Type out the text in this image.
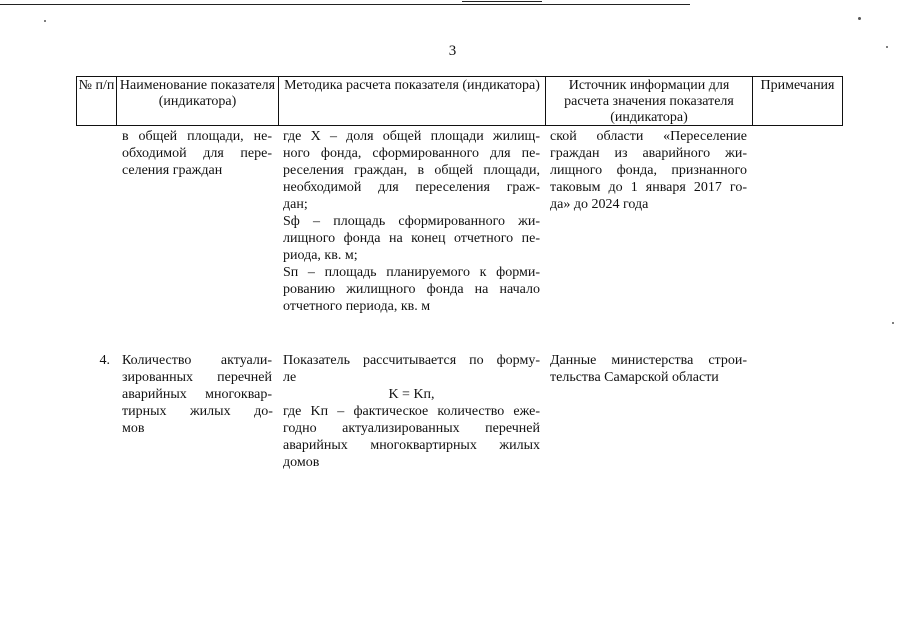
3
№ п/п Наименование показателя (индикатора)
Методика расчета показателя (индикатора)	Источник информации для расчета значения показателя (индикатора)
Примечания
в общей площади, не-
обходимой для пере-
селения граждан
где X – доля общей площади жилищ-
ного фонда, сформированного для пе-
реселения граждан, в общей площади,
необходимой для переселения граж-
дан;
Sф – площадь сформированного жи-
лищного фонда на конец отчетного пе-
риода, кв. м;
Sп – площадь планируемого к форми-
рованию жилищного фонда на начало
отчетного периода, кв. м
ской области «Переселение
граждан из аварийного жи-
лищного фонда, признанного
таковым до 1 января 2017 го-
да» до 2024 года
4. Количество актуали-
зированных перечней
аварийных многоквар-
тирных жилых до-
мов
Показатель рассчитывается по форму-
ле
K = Kп,
где Kп – фактическое количество еже-
годно актуализированных перечней
аварийных многоквартирных жилых
домов
Данные министерства строи-
тельства Самарской области
